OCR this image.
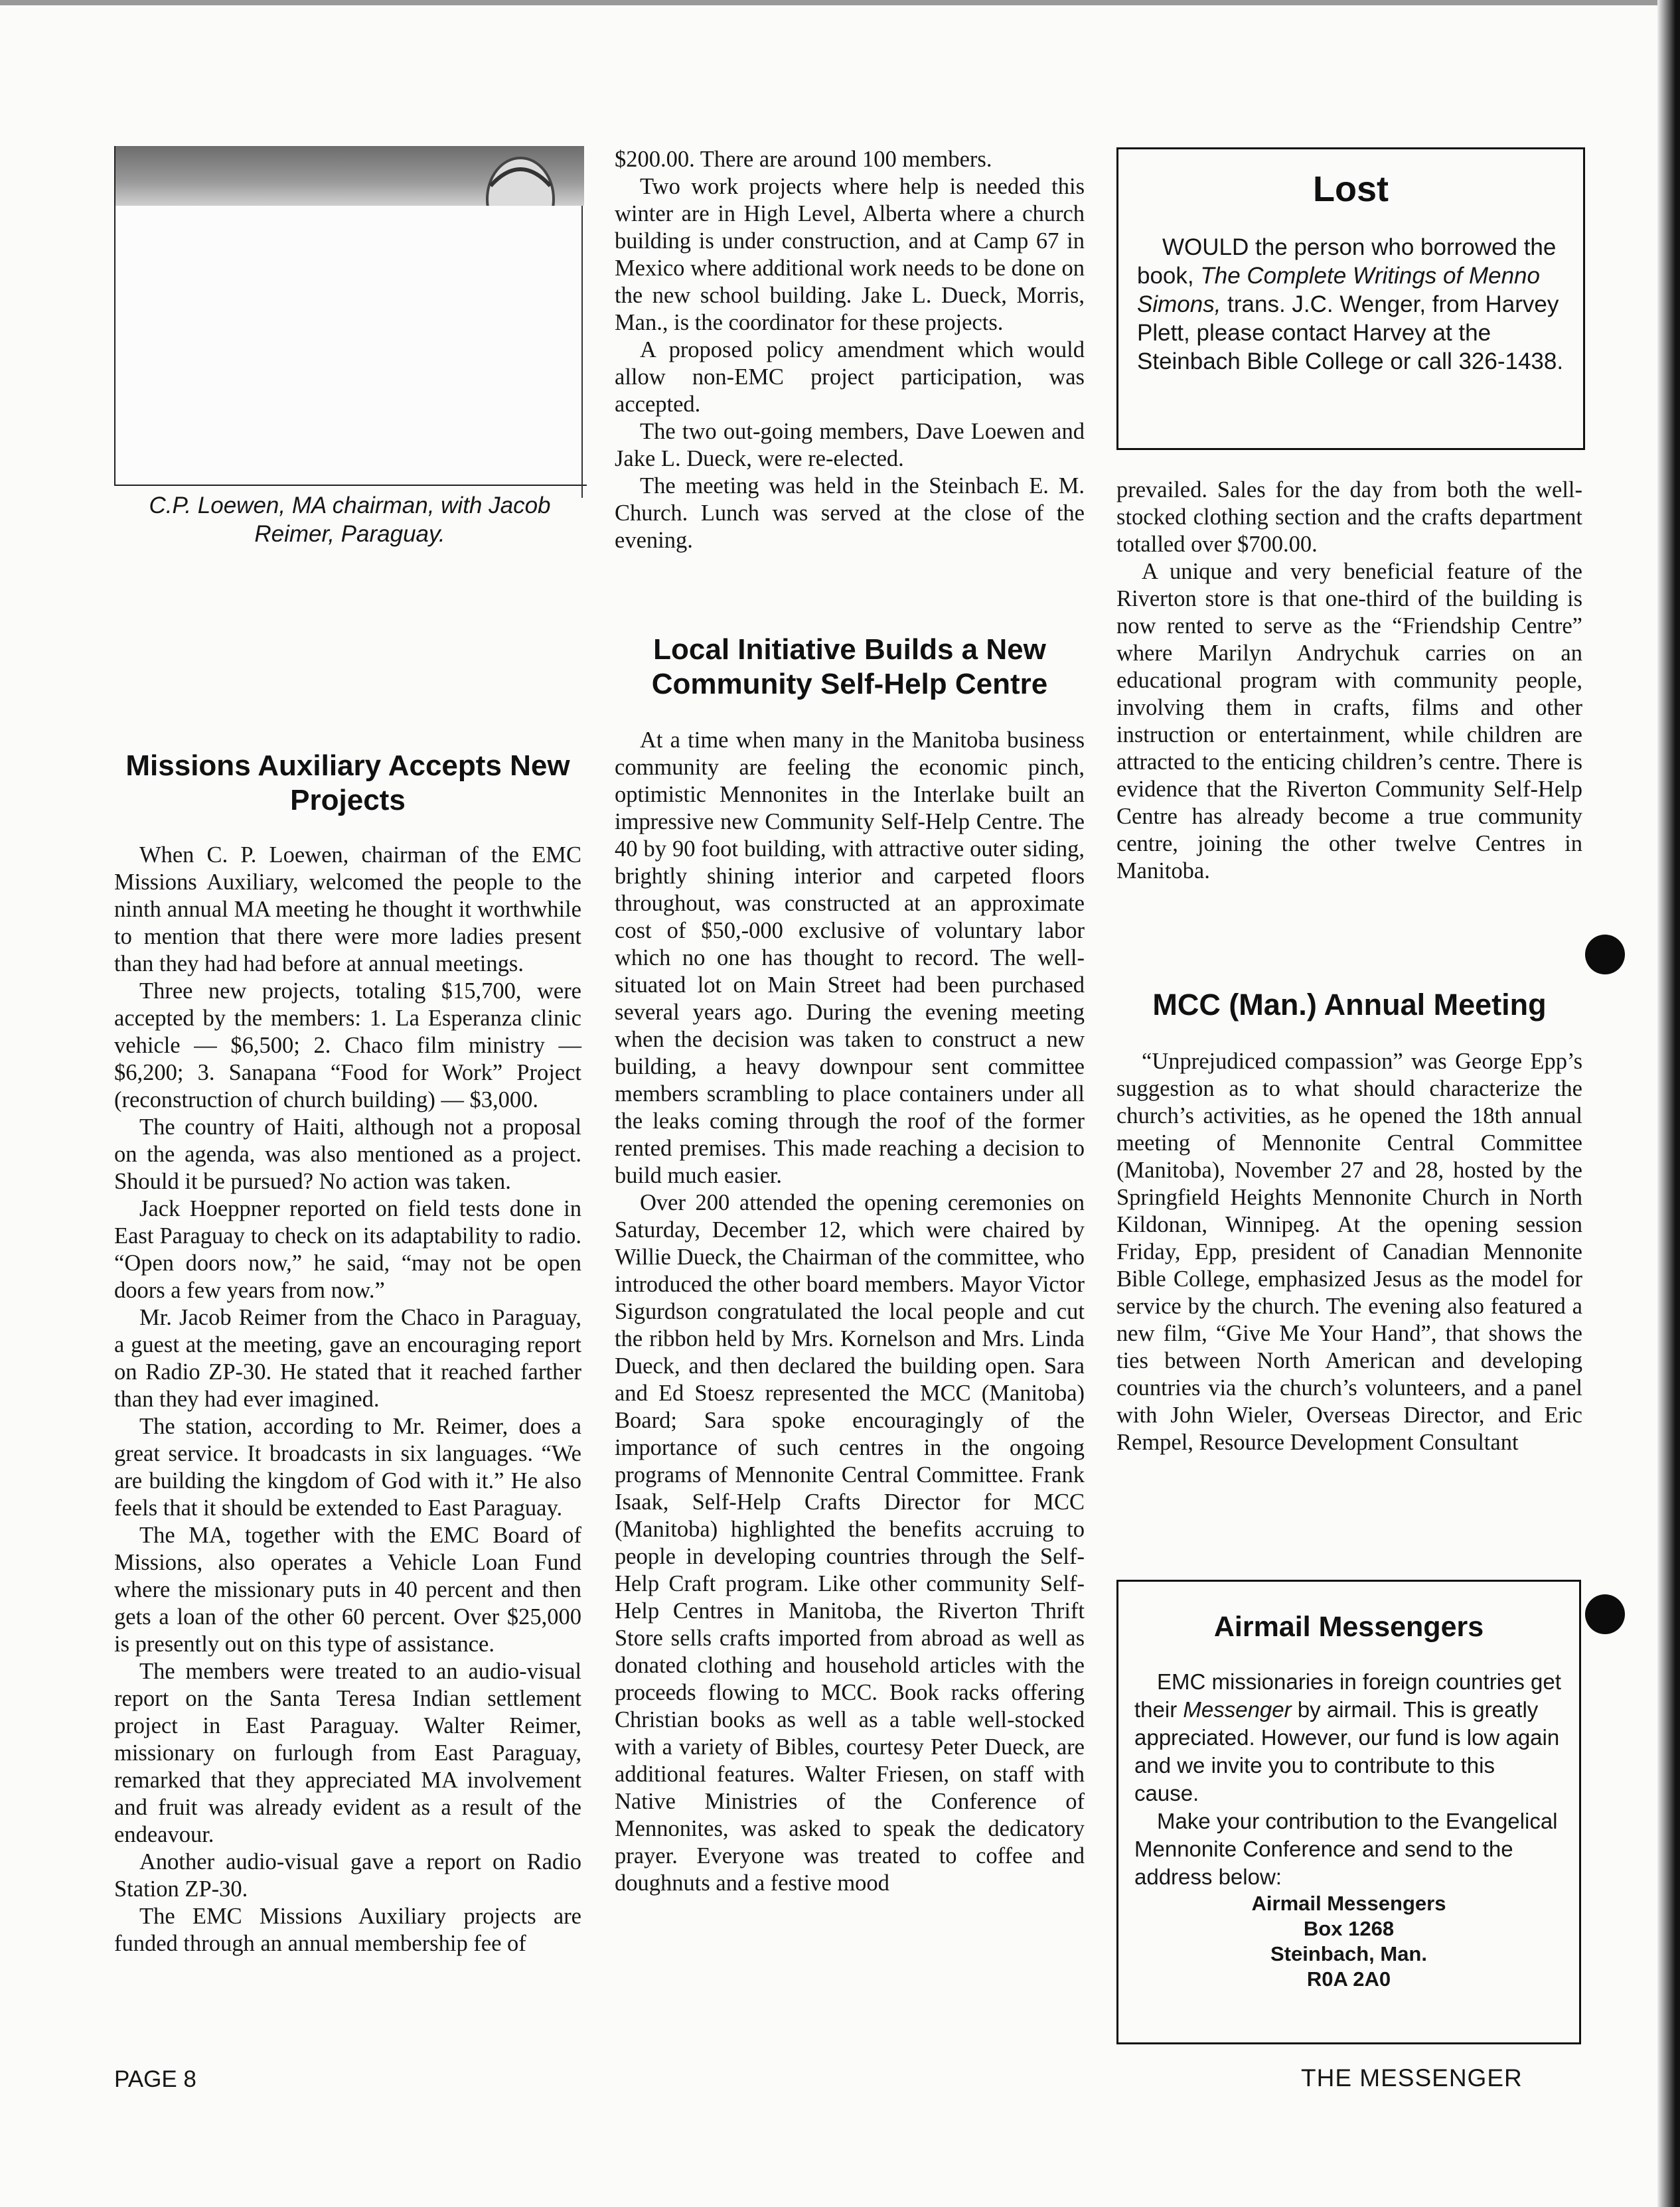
C.P. Loewen, MA chairman, with Jacob Reimer, Paraguay.
Missions Auxiliary Accepts New Projects

When C. P. Loewen, chairman of the EMC Missions Auxiliary, welcomed the people to the ninth annual MA meeting he thought it worthwhile to mention that there were more ladies present than they had had before at annual meetings.

Three new projects, totaling $15,700, were accepted by the members: 1. La Esperanza clinic vehicle — $6,500; 2. Chaco film ministry — $6,200; 3. Sanapana “Food for Work” Project (reconstruction of church building) — $3,000.

The country of Haiti, although not a proposal on the agenda, was also mentioned as a project. Should it be pursued? No action was taken.

Jack Hoeppner reported on field tests done in East Paraguay to check on its adaptability to radio. “Open doors now,” he said, “may not be open doors a few years from now.”

Mr. Jacob Reimer from the Chaco in Paraguay, a guest at the meeting, gave an encouraging report on Radio ZP-30. He stated that it reached farther than they had ever imagined.

The station, according to Mr. Reimer, does a great service. It broadcasts in six languages. “We are building the kingdom of God with it.” He also feels that it should be extended to East Paraguay.

The MA, together with the EMC Board of Missions, also operates a Vehicle Loan Fund where the missionary puts in 40 percent and then gets a loan of the other 60 percent. Over $25,000 is presently out on this type of assistance.

The members were treated to an audio-visual report on the Santa Teresa Indian settlement project in East Paraguay. Walter Reimer, missionary on furlough from East Paraguay, remarked that they appreciated MA involvement and fruit was already evident as a result of the endeavour.

Another audio-visual gave a report on Radio Station ZP-30.

The EMC Missions Auxiliary projects are funded through an annual membership fee of

$200.00. There are around 100 members.

Two work projects where help is needed this winter are in High Level, Alberta where a church building is under construction, and at Camp 67 in Mexico where additional work needs to be done on the new school building. Jake L. Dueck, Morris, Man., is the coordinator for these projects.

A proposed policy amendment which would allow non-EMC project participation, was accepted.

The two out-going members, Dave Loewen and Jake L. Dueck, were re-elected.

The meeting was held in the Steinbach E. M. Church. Lunch was served at the close of the evening.

Local Initiative Builds a New Community Self-Help Centre

At a time when many in the Manitoba business community are feeling the economic pinch, optimistic Mennonites in the Interlake built an impressive new Community Self-Help Centre. The 40 by 90 foot building, with attractive outer siding, brightly shining interior and carpeted floors throughout, was constructed at an approximate cost of $50,-000 exclusive of voluntary labor which no one has thought to record. The well-situated lot on Main Street had been purchased several years ago. During the evening meeting when the decision was taken to construct a new building, a heavy downpour sent committee members scrambling to place containers under all the leaks coming through the roof of the former rented premises. This made reaching a decision to build much easier.

Over 200 attended the opening ceremonies on Saturday, December 12, which were chaired by Willie Dueck, the Chairman of the committee, who introduced the other board members. Mayor Victor Sigurdson congratulated the local people and cut the ribbon held by Mrs. Kornelson and Mrs. Linda Dueck, and then declared the building open. Sara and Ed Stoesz represented the MCC (Manitoba) Board; Sara spoke encouragingly of the importance of such centres in the ongoing programs of Mennonite Central Committee. Frank Isaak, Self-Help Crafts Director for MCC (Manitoba) highlighted the benefits accruing to people in developing countries through the Self-Help Craft program. Like other community Self-Help Centres in Manitoba, the Riverton Thrift Store sells crafts imported from abroad as well as donated clothing and household articles with the proceeds flowing to MCC. Book racks offering Christian books as well as a table well-stocked with a variety of Bibles, courtesy Peter Dueck, are additional features. Walter Friesen, on staff with Native Ministries of the Conference of Mennonites, was asked to speak the dedicatory prayer. Everyone was treated to coffee and doughnuts and a festive mood

Lost

WOULD the person who borrowed the book, The Complete Writings of Menno Simons, trans. J.C. Wenger, from Harvey Plett, please contact Harvey at the Steinbach Bible College or call 326-1438.

prevailed. Sales for the day from both the well-stocked clothing section and the crafts department totalled over $700.00.

A unique and very beneficial feature of the Riverton store is that one-third of the building is now rented to serve as the “Friendship Centre” where Marilyn Andrychuk carries on an educational program with community people, involving them in crafts, films and other instruction or entertainment, while children are attracted to the enticing children’s centre. There is evidence that the Riverton Community Self-Help Centre has already become a true community centre, joining the other twelve Centres in Manitoba.

MCC (Man.) Annual Meeting

“Unprejudiced compassion” was George Epp’s suggestion as to what should characterize the church’s activities, as he opened the 18th annual meeting of Mennonite Central Committee (Manitoba), November 27 and 28, hosted by the Springfield Heights Mennonite Church in North Kildonan, Winnipeg. At the opening session Friday, Epp, president of Canadian Mennonite Bible College, emphasized Jesus as the model for service by the church. The evening also featured a new film, “Give Me Your Hand”, that shows the ties between North American and developing countries via the church’s volunteers, and a panel with John Wieler, Overseas Director, and Eric Rempel, Resource Development Consultant

Airmail Messengers

EMC missionaries in foreign countries get their Messenger by airmail. This is greatly appreciated. However, our fund is low again and we invite you to contribute to this cause.

Make your contribution to the Evangelical Mennonite Conference and send to the address below:

Airmail Messengers
Box 1268
Steinbach, Man.
R0A 2A0
PAGE 8	THE MESSENGER
